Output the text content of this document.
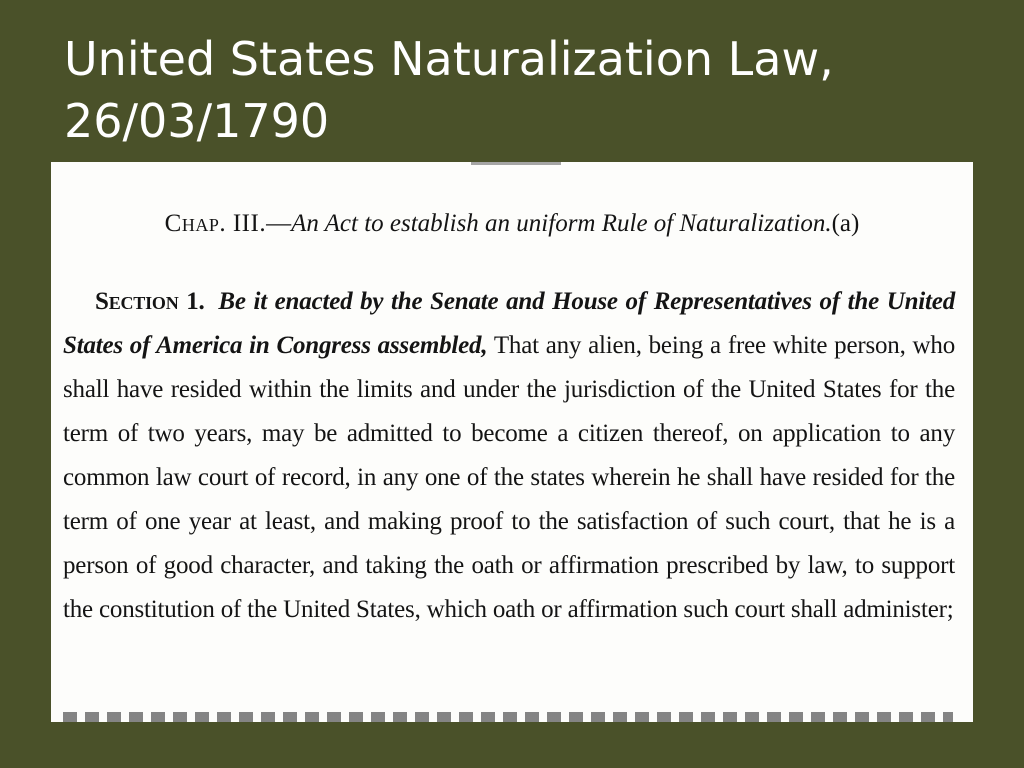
United States Naturalization Law,
26/03/1790
Chap. III.—An Act to establish an uniform Rule of Naturalization.(a)
Section 1. Be it enacted by the Senate and House of Representatives of the United States of America in Congress assembled, That any alien, being a free white person, who shall have resided within the limits and under the jurisdiction of the United States for the term of two years, may be admitted to become a citizen thereof, on application to any common law court of record, in any one of the states wherein he shall have resided for the term of one year at least, and making proof to the satisfaction of such court, that he is a person of good character, and taking the oath or affirmation prescribed by law, to support the constitution of the United States, which oath or affirmation such court shall administer;
